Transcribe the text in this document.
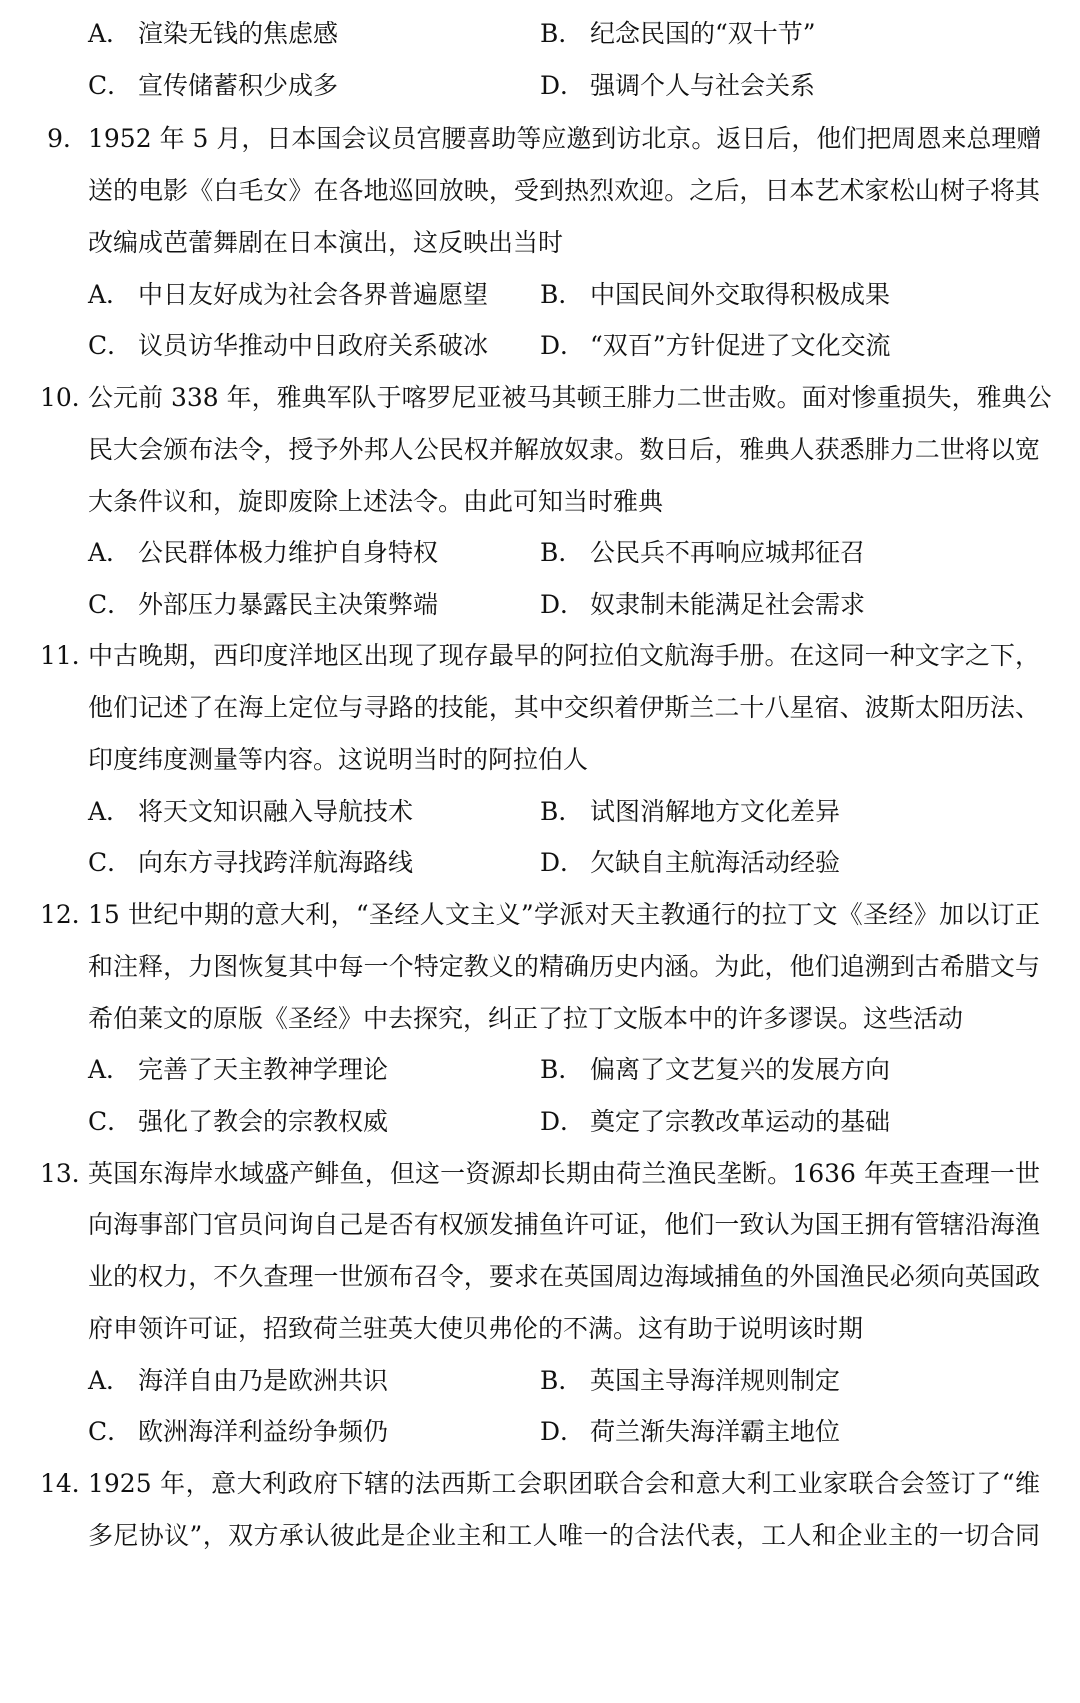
A． 渲染无钱的焦虑感	B． 纪念民国的“双十节”
C． 宣传储蓄积少成多	D． 强调个人与社会关系
9． 1952 年 5 月，日本国会议员宫腰喜助等应邀到访北京。返日后，他们把周恩来总理赠
送的电影《白毛女》在各地巡回放映，受到热烈欢迎。之后，日本艺术家松山树子将其
改编成芭蕾舞剧在日本演出，这反映出当时
A． 中日友好成为社会各界普遍愿望 B． 中国民间外交取得积极成果
C． 议员访华推动中日政府关系破冰 D． “双百”方针促进了文化交流
10．
公元前 338 年，雅典军队于喀罗尼亚被马其顿王腓力二世击败。面对惨重损失，雅典公
民大会颁布法令，授予外邦人公民权并解放奴隶。数日后，雅典人获悉腓力二世将以宽
大条件议和，旋即废除上述法令。由此可知当时雅典
A． 公民群体极力维护自身特权	B． 公民兵不再响应城邦征召
C． 外部压力暴露民主决策弊端	D． 奴隶制未能满足社会需求
11．
中古晚期，西印度洋地区出现了现存最早的阿拉伯文航海手册。在这同一种文字之下，
他们记述了在海上定位与寻路的技能，其中交织着伊斯兰二十八星宿、波斯太阳历法、
印度纬度测量等内容。这说明当时的阿拉伯人
A． 将天文知识融入导航技术	B． 试图消解地方文化差异
C． 向东方寻找跨洋航海路线	D． 欠缺自主航海活动经验
12．
15 世纪中期的意大利，“圣经人文主义”学派对天主教通行的拉丁文《圣经》加以订正
和注释，力图恢复其中每一个特定教义的精确历史内涵。为此，他们追溯到古希腊文与
希伯莱文的原版《圣经》中去探究，纠正了拉丁文版本中的许多谬误。这些活动
A． 完善了天主教神学理论	B． 偏离了文艺复兴的发展方向
C． 强化了教会的宗教权威	D． 奠定了宗教改革运动的基础
13．
英国东海岸水域盛产鲱鱼，但这一资源却长期由荷兰渔民垄断。1636 年英王查理一世
向海事部门官员问询自己是否有权颁发捕鱼许可证，他们一致认为国王拥有管辖沿海渔
业的权力，不久查理一世颁布召令，要求在英国周边海域捕鱼的外国渔民必须向英国政
府申领许可证，招致荷兰驻英大使贝弗伦的不满。这有助于说明该时期
A． 海洋自由乃是欧洲共识	B． 英国主导海洋规则制定
C． 欧洲海洋利益纷争频仍	D． 荷兰渐失海洋霸主地位
14．
1925 年，意大利政府下辖的法西斯工会职团联合会和意大利工业家联合会签订了“维
多尼协议”，双方承认彼此是企业主和工人唯一的合法代表，工人和企业主的一切合同
